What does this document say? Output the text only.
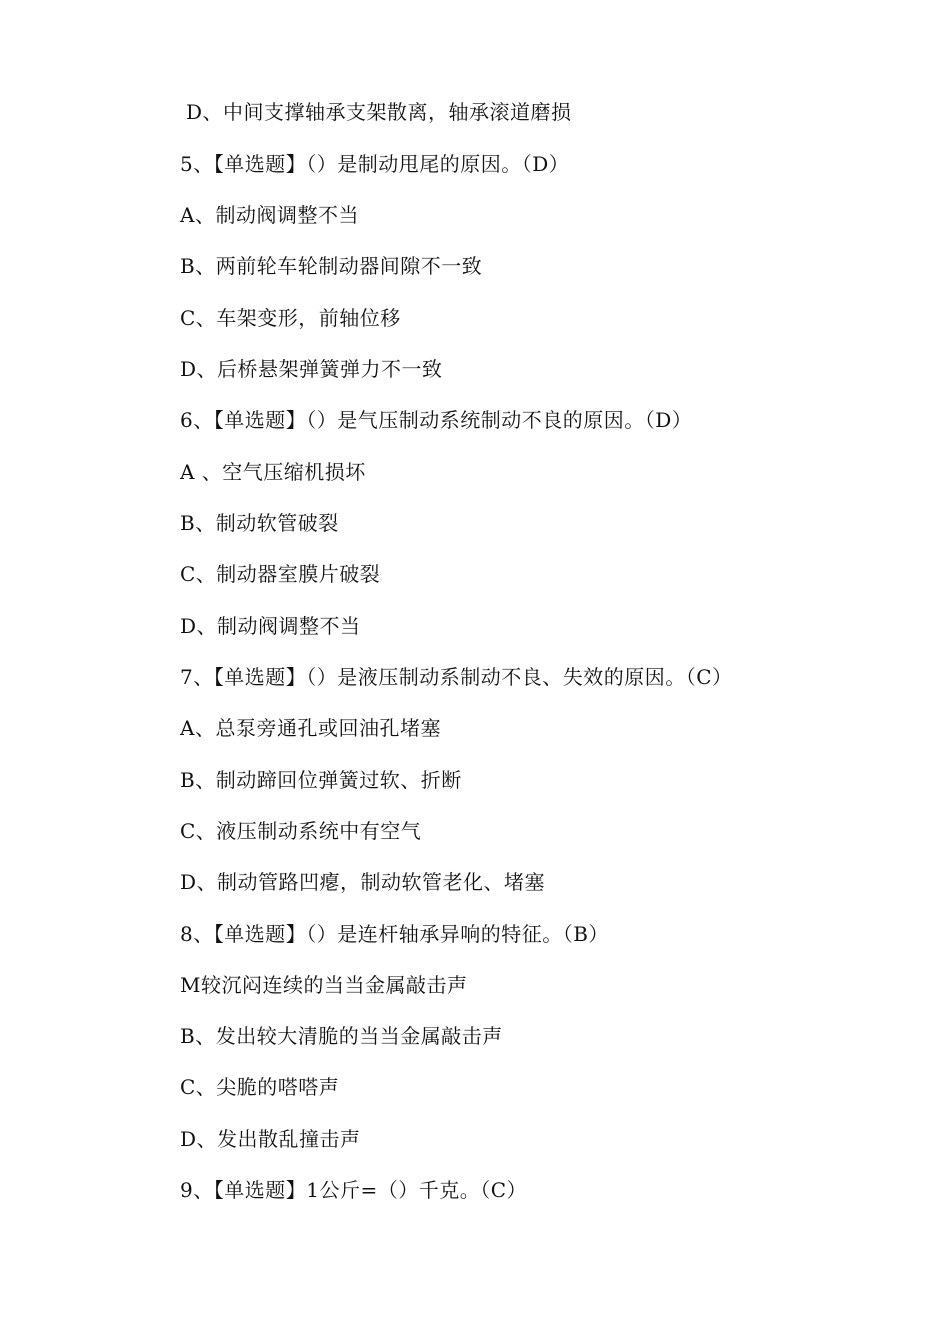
D、中间支撑轴承支架散离，轴承滚道磨损
5、【单选题】（）是制动甩尾的原因。（D）
A、制动阀调整不当
B、两前轮车轮制动器间隙不一致
C、车架变形，前轴位移
D、后桥悬架弹簧弹力不一致
6、【单选题】（）是气压制动系统制动不良的原因。（D）
A 、空气压缩机损坏
B、制动软管破裂
C、制动器室膜片破裂
D、制动阀调整不当
7、【单选题】（）是液压制动系制动不良、失效的原因。（C）
A、总泵旁通孔或回油孔堵塞
B、制动蹄回位弹簧过软、折断
C、液压制动系统中有空气
D、制动管路凹瘪，制动软管老化、堵塞
8、【单选题】（）是连杆轴承异响的特征。（B）
M较沉闷连续的当当金属敲击声
B、发出较大清脆的当当金属敲击声
C、尖脆的嗒嗒声
D、发出散乱撞击声
9、【单选题】1公斤=（）千克。（C）
